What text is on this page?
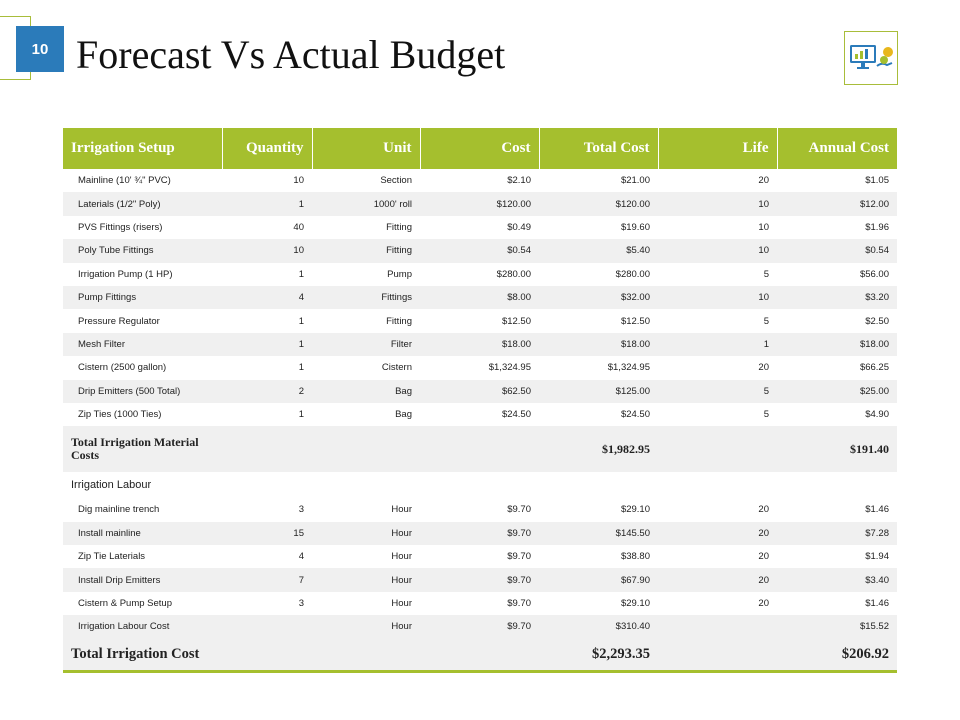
10 Forecast Vs Actual Budget
Irrigation Setup	Quantity	Unit	Cost	Total Cost	Life	Annual Cost
Mainline (10' ¾" PVC)	10	Section	$2.10	$21.00	20	$1.05
Laterials (1/2" Poly)	1	1000' roll	$120.00	$120.00	10	$12.00
PVS Fittings (risers)	40	Fitting	$0.49	$19.60	10	$1.96
Poly Tube Fittings	10	Fitting	$0.54	$5.40	10	$0.54
Irrigation Pump (1 HP)	1	Pump	$280.00	$280.00	5	$56.00
Pump Fittings	4	Fittings	$8.00	$32.00	10	$3.20
Pressure Regulator	1	Fitting	$12.50	$12.50	5	$2.50
Mesh Filter	1	Filter	$18.00	$18.00	1	$18.00
Cistern (2500 gallon)	1	Cistern	$1,324.95	$1,324.95	20	$66.25
Drip Emitters (500 Total)	2	Bag	$62.50	$125.00	5	$25.00
Zip Ties (1000 Ties)	1	Bag	$24.50	$24.50	5	$4.90
Total Irrigation Material Costs				$1,982.95		$191.40
Irrigation Labour						
Dig mainline trench	3	Hour	$9.70	$29.10	20	$1.46
Install mainline	15	Hour	$9.70	$145.50	20	$7.28
Zip Tie Laterials	4	Hour	$9.70	$38.80	20	$1.94
Install Drip Emitters	7	Hour	$9.70	$67.90	20	$3.40
Cistern & Pump Setup	3	Hour	$9.70	$29.10	20	$1.46
Irrigation Labour Cost		Hour	$9.70	$310.40		$15.52
Total Irrigation Cost				$2,293.35		$206.92
